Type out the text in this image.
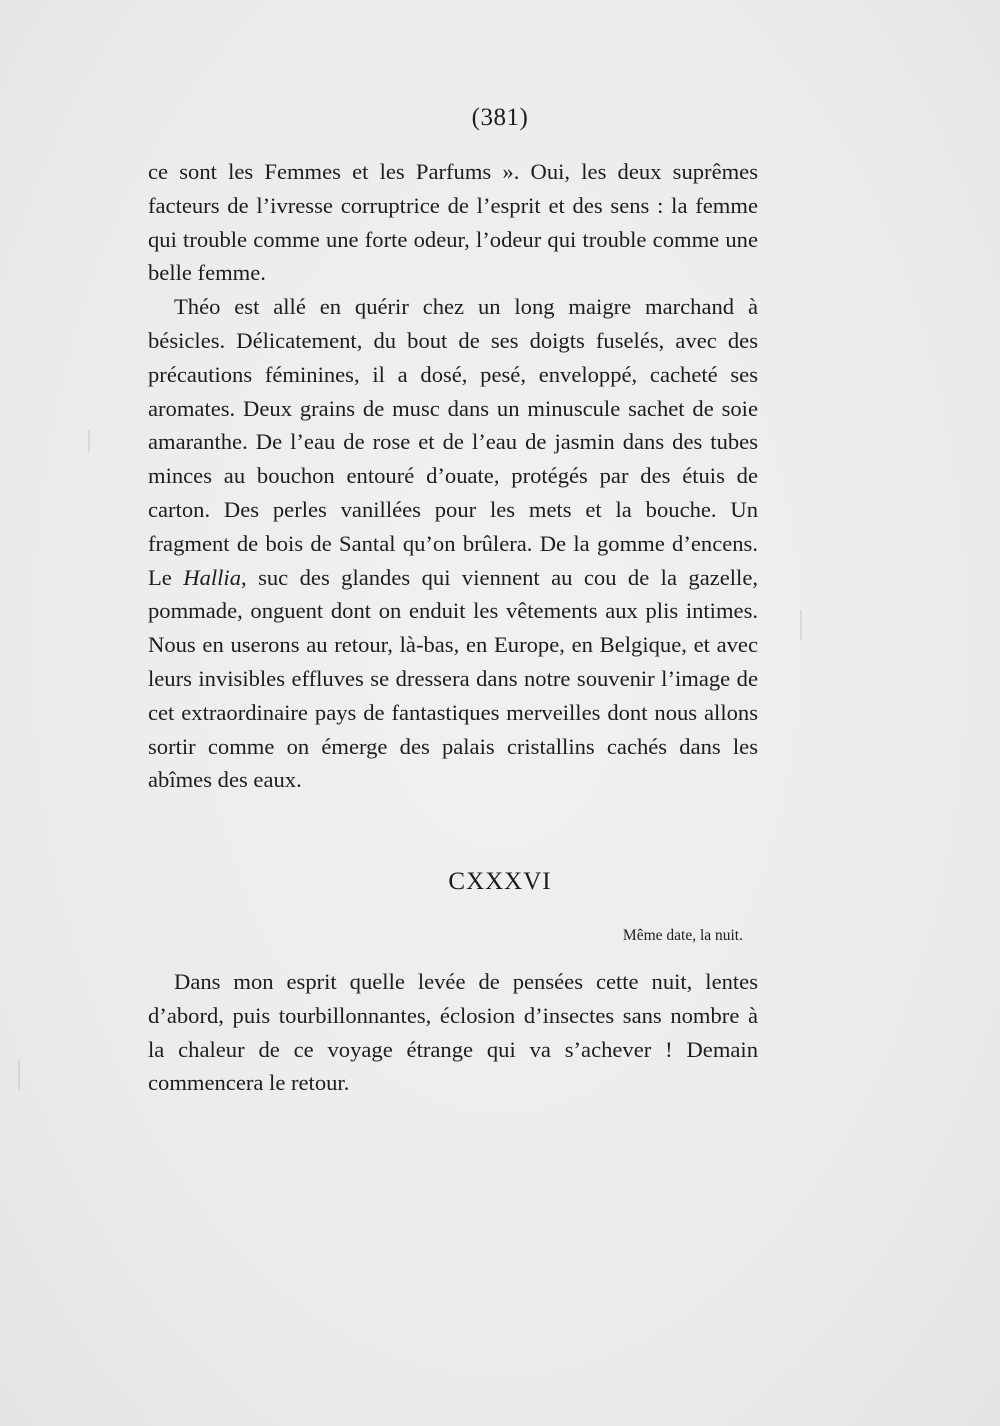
(381)

ce sont les Femmes et les Parfums ». Oui, les deux suprêmes facteurs de l’ivresse corruptrice de l’esprit et des sens : la femme qui trouble comme une forte odeur, l’odeur qui trouble comme une belle femme.

Théo est allé en quérir chez un long maigre marchand à bésicles. Délicatement, du bout de ses doigts fuselés, avec des précautions féminines, il a dosé, pesé, enveloppé, cacheté ses aromates. Deux grains de musc dans un minuscule sachet de soie amaranthe. De l’eau de rose et de l’eau de jasmin dans des tubes minces au bouchon entouré d’ouate, protégés par des étuis de carton. Des perles vanillées pour les mets et la bouche. Un fragment de bois de Santal qu’on brûlera. De la gomme d’encens. Le Hallia, suc des glandes qui viennent au cou de la gazelle, pommade, onguent dont on enduit les vêtements aux plis intimes. Nous en userons au retour, là-bas, en Europe, en Belgique, et avec leurs invisibles effluves se dressera dans notre souvenir l’image de cet extraordinaire pays de fantastiques merveilles dont nous allons sortir comme on émerge des palais cristallins cachés dans les abîmes des eaux.

CXXXVI
Même date, la nuit.

Dans mon esprit quelle levée de pensées cette nuit, lentes d’abord, puis tourbillonnantes, éclosion d’insectes sans nombre à la chaleur de ce voyage étrange qui va s’achever ! Demain commencera le retour.
